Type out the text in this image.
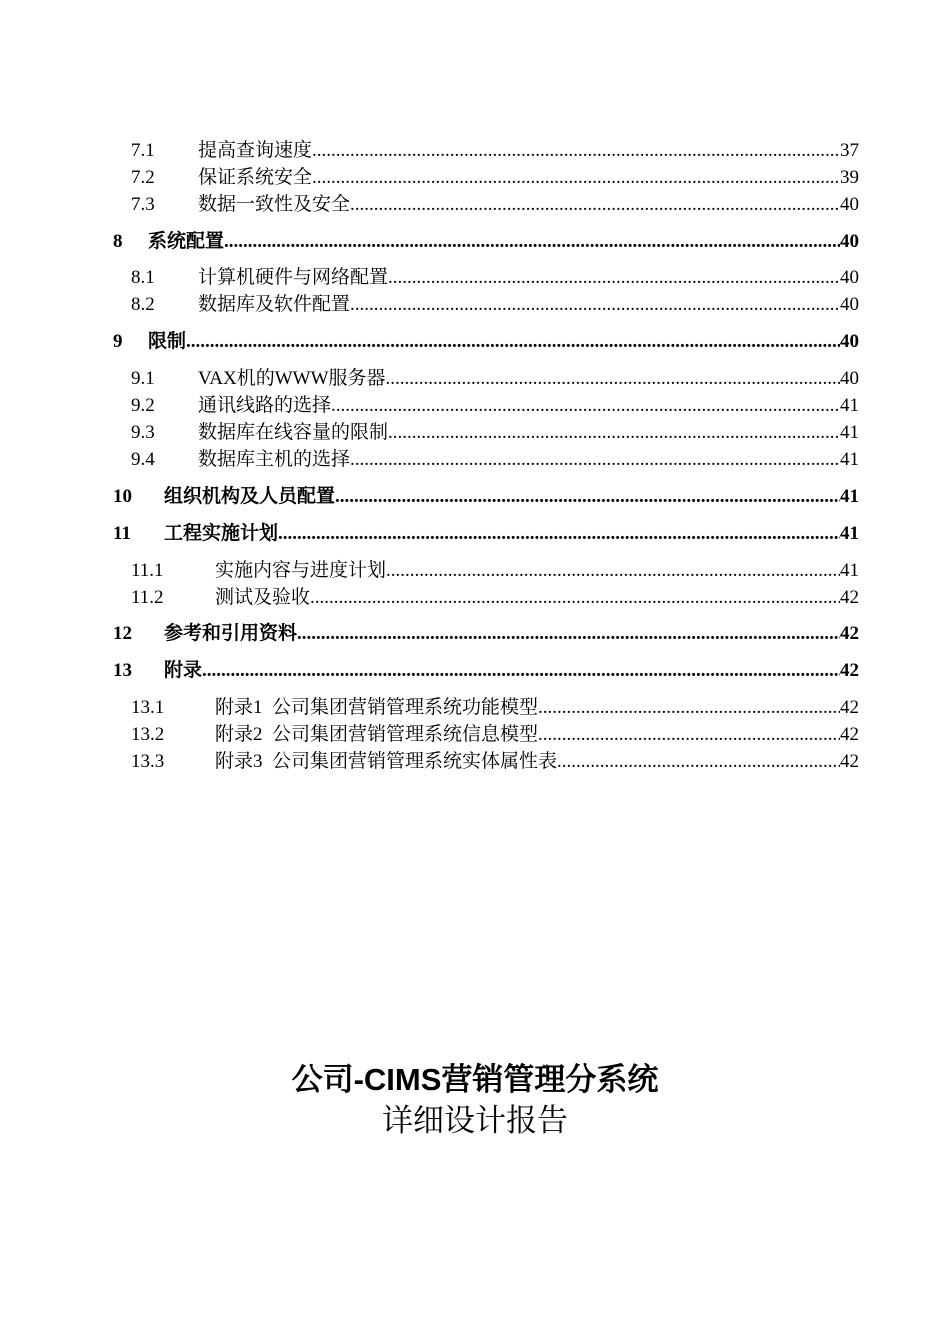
7.1	提高查询速度 .....	37
7.2	保证系统安全 .....	39
7.3	数据一致性及安全 .....	40
8	系统配置 .....	40
8.1	计算机硬件与网络配置 .....	40
8.2	数据库及软件配置 .....	40
9	限制 .....	40
9.1	VAX机的WWW服务器 .....	40
9.2	通讯线路的选择 .....	41
9.3	数据库在线容量的限制 .....	41
9.4	数据库主机的选择 .....	41
10	组织机构及人员配置 .....	41
11	工程实施计划 .....	41
11.1	实施内容与进度计划 .....	41
11.2	测试及验收 .....	42
12	参考和引用资料 .....	42
13	附录 .....	42
13.1	附录1  公司集团营销管理系统功能模型 .....	42
13.2	附录2  公司集团营销管理系统信息模型 .....	42
13.3	附录3  公司集团营销管理系统实体属性表 .....	42
公司-CIMS营销管理分系统
详细设计报告
